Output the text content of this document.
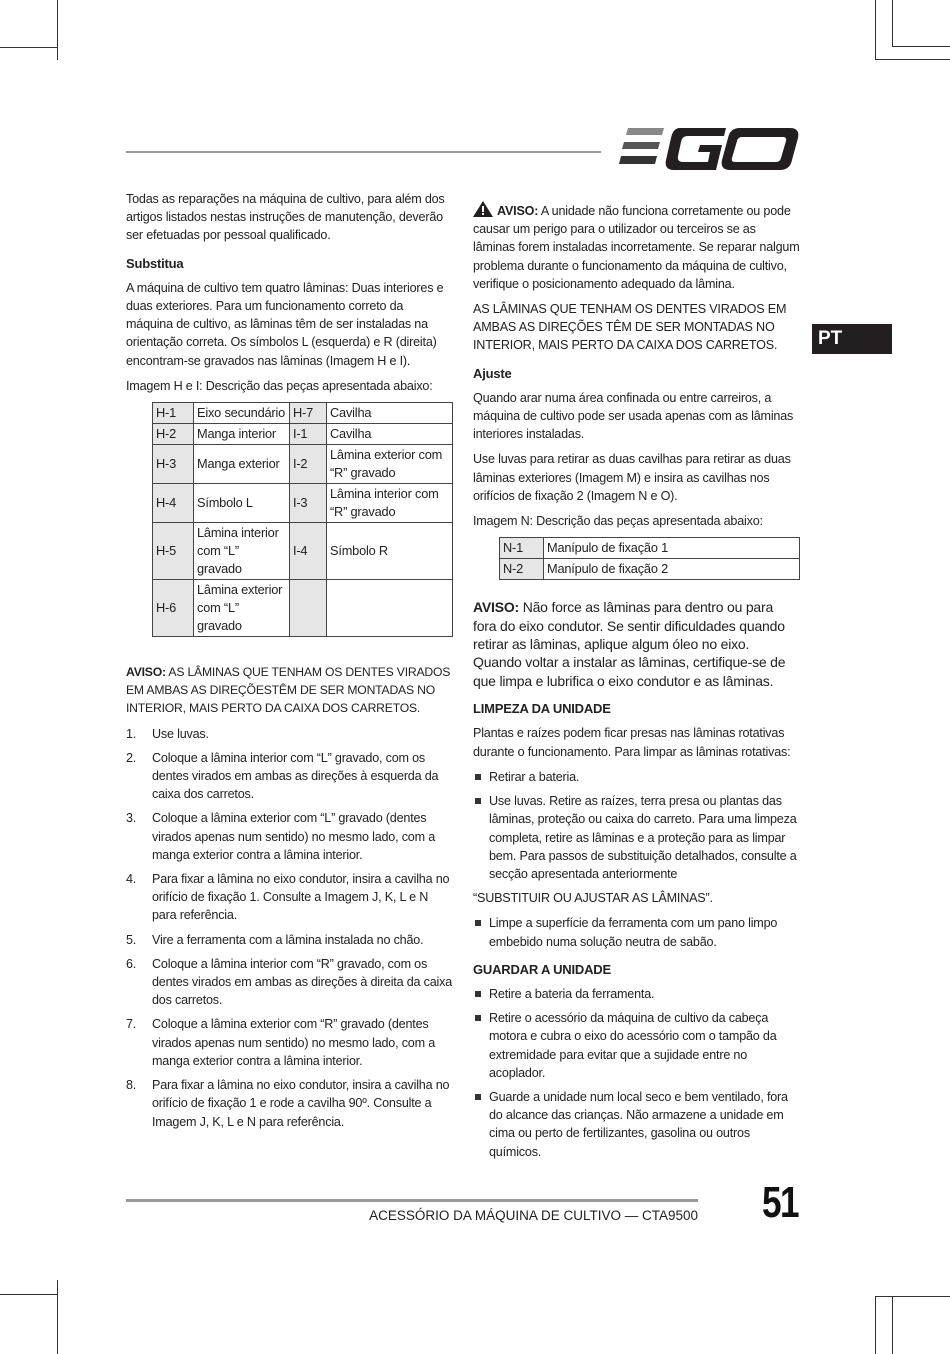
PT

Todas as reparações na máquina de cultivo, para além dos artigos listados nestas instruções de manutenção, deverão ser efetuadas por pessoal qualificado.

Substitua

A máquina de cultivo tem quatro lâminas: Duas interiores e duas exteriores. Para um funcionamento correto da máquina de cultivo, as lâminas têm de ser instaladas na orientação correta. Os símbolos L (esquerda) e R (direita) encontram-se gravados nas lâminas (Imagem H e I).

Imagem H e I: Descrição das peças apresentada abaixo:

H-1	Eixo secundário	H-7	Cavilha
H-2	Manga interior	I-1	Cavilha
H-3	Manga exterior	I-2	Lâmina exterior com “R” gravado
H-4	Símbolo L	I-3	Lâmina interior com “R” gravado
H-5	Lâmina interior com “L” gravado	I-4	Símbolo R
H-6	Lâmina exterior com “L” gravado		

AVISO: AS LÂMINAS QUE TENHAM OS DENTES VIRADOS EM AMBAS AS DIREÇÕESTÊM DE SER MONTADAS NO INTERIOR, MAIS PERTO DA CAIXA DOS CARRETOS.

1. Use luvas.
2. Coloque a lâmina interior com “L” gravado, com os dentes virados em ambas as direções à esquerda da caixa dos carretos.
3. Coloque a lâmina exterior com “L” gravado (dentes virados apenas num sentido) no mesmo lado, com a manga exterior contra a lâmina interior.
4. Para fixar a lâmina no eixo condutor, insira a cavilha no orifício de fixação 1. Consulte a Imagem J, K, L e N para referência.
5. Vire a ferramenta com a lâmina instalada no chão.
6. Coloque a lâmina interior com “R” gravado, com os dentes virados em ambas as direções à direita da caixa dos carretos.
7. Coloque a lâmina exterior com “R” gravado (dentes virados apenas num sentido) no mesmo lado, com a manga exterior contra a lâmina interior.
8. Para fixar a lâmina no eixo condutor, insira a cavilha no orifício de fixação 1 e rode a cavilha 90º. Consulte a Imagem J, K, L e N para referência.

AVISO: A unidade não funciona corretamente ou pode causar um perigo para o utilizador ou terceiros se as lâminas forem instaladas incorretamente. Se reparar nalgum problema durante o funcionamento da máquina de cultivo, verifique o posicionamento adequado da lâmina.

AS LÂMINAS QUE TENHAM OS DENTES VIRADOS EM AMBAS AS DIREÇÕES TÊM DE SER MONTADAS NO INTERIOR, MAIS PERTO DA CAIXA DOS CARRETOS.

Ajuste

Quando arar numa área confinada ou entre carreiros, a máquina de cultivo pode ser usada apenas com as lâminas interiores instaladas.

Use luvas para retirar as duas cavilhas para retirar as duas lâminas exteriores (Imagem M) e insira as cavilhas nos orifícios de fixação 2 (Imagem N e O).

Imagem N: Descrição das peças apresentada abaixo:

N-1	Manípulo de fixação 1
N-2	Manípulo de fixação 2

AVISO: Não force as lâminas para dentro ou para fora do eixo condutor. Se sentir dificuldades quando retirar as lâminas, aplique algum óleo no eixo. Quando voltar a instalar as lâminas, certifique-se de que limpa e lubrifica o eixo condutor e as lâminas.

LIMPEZA DA UNIDADE

Plantas e raízes podem ficar presas nas lâminas rotativas durante o funcionamento. Para limpar as lâminas rotativas:

Retirar a bateria.
Use luvas. Retire as raízes, terra presa ou plantas das lâminas, proteção ou caixa do carreto. Para uma limpeza completa, retire as lâminas e a proteção para as limpar bem. Para passos de substituição detalhados, consulte a secção apresentada anteriormente

“SUBSTITUIR OU AJUSTAR AS LÂMINAS”.

Limpe a superfície da ferramenta com um pano limpo embebido numa solução neutra de sabão.
GUARDAR A UNIDADE
Retire a bateria da ferramenta.
Retire o acessório da máquina de cultivo da cabeça motora e cubra o eixo do acessório com o tampão da extremidade para evitar que a sujidade entre no acoplador.
Guarde a unidade num local seco e bem ventilado, fora do alcance das crianças. Não armazene a unidade em cima ou perto de fertilizantes, gasolina ou outros químicos.
ACESSÓRIO DA MÁQUINA DE CULTIVO — CTA9500 51
